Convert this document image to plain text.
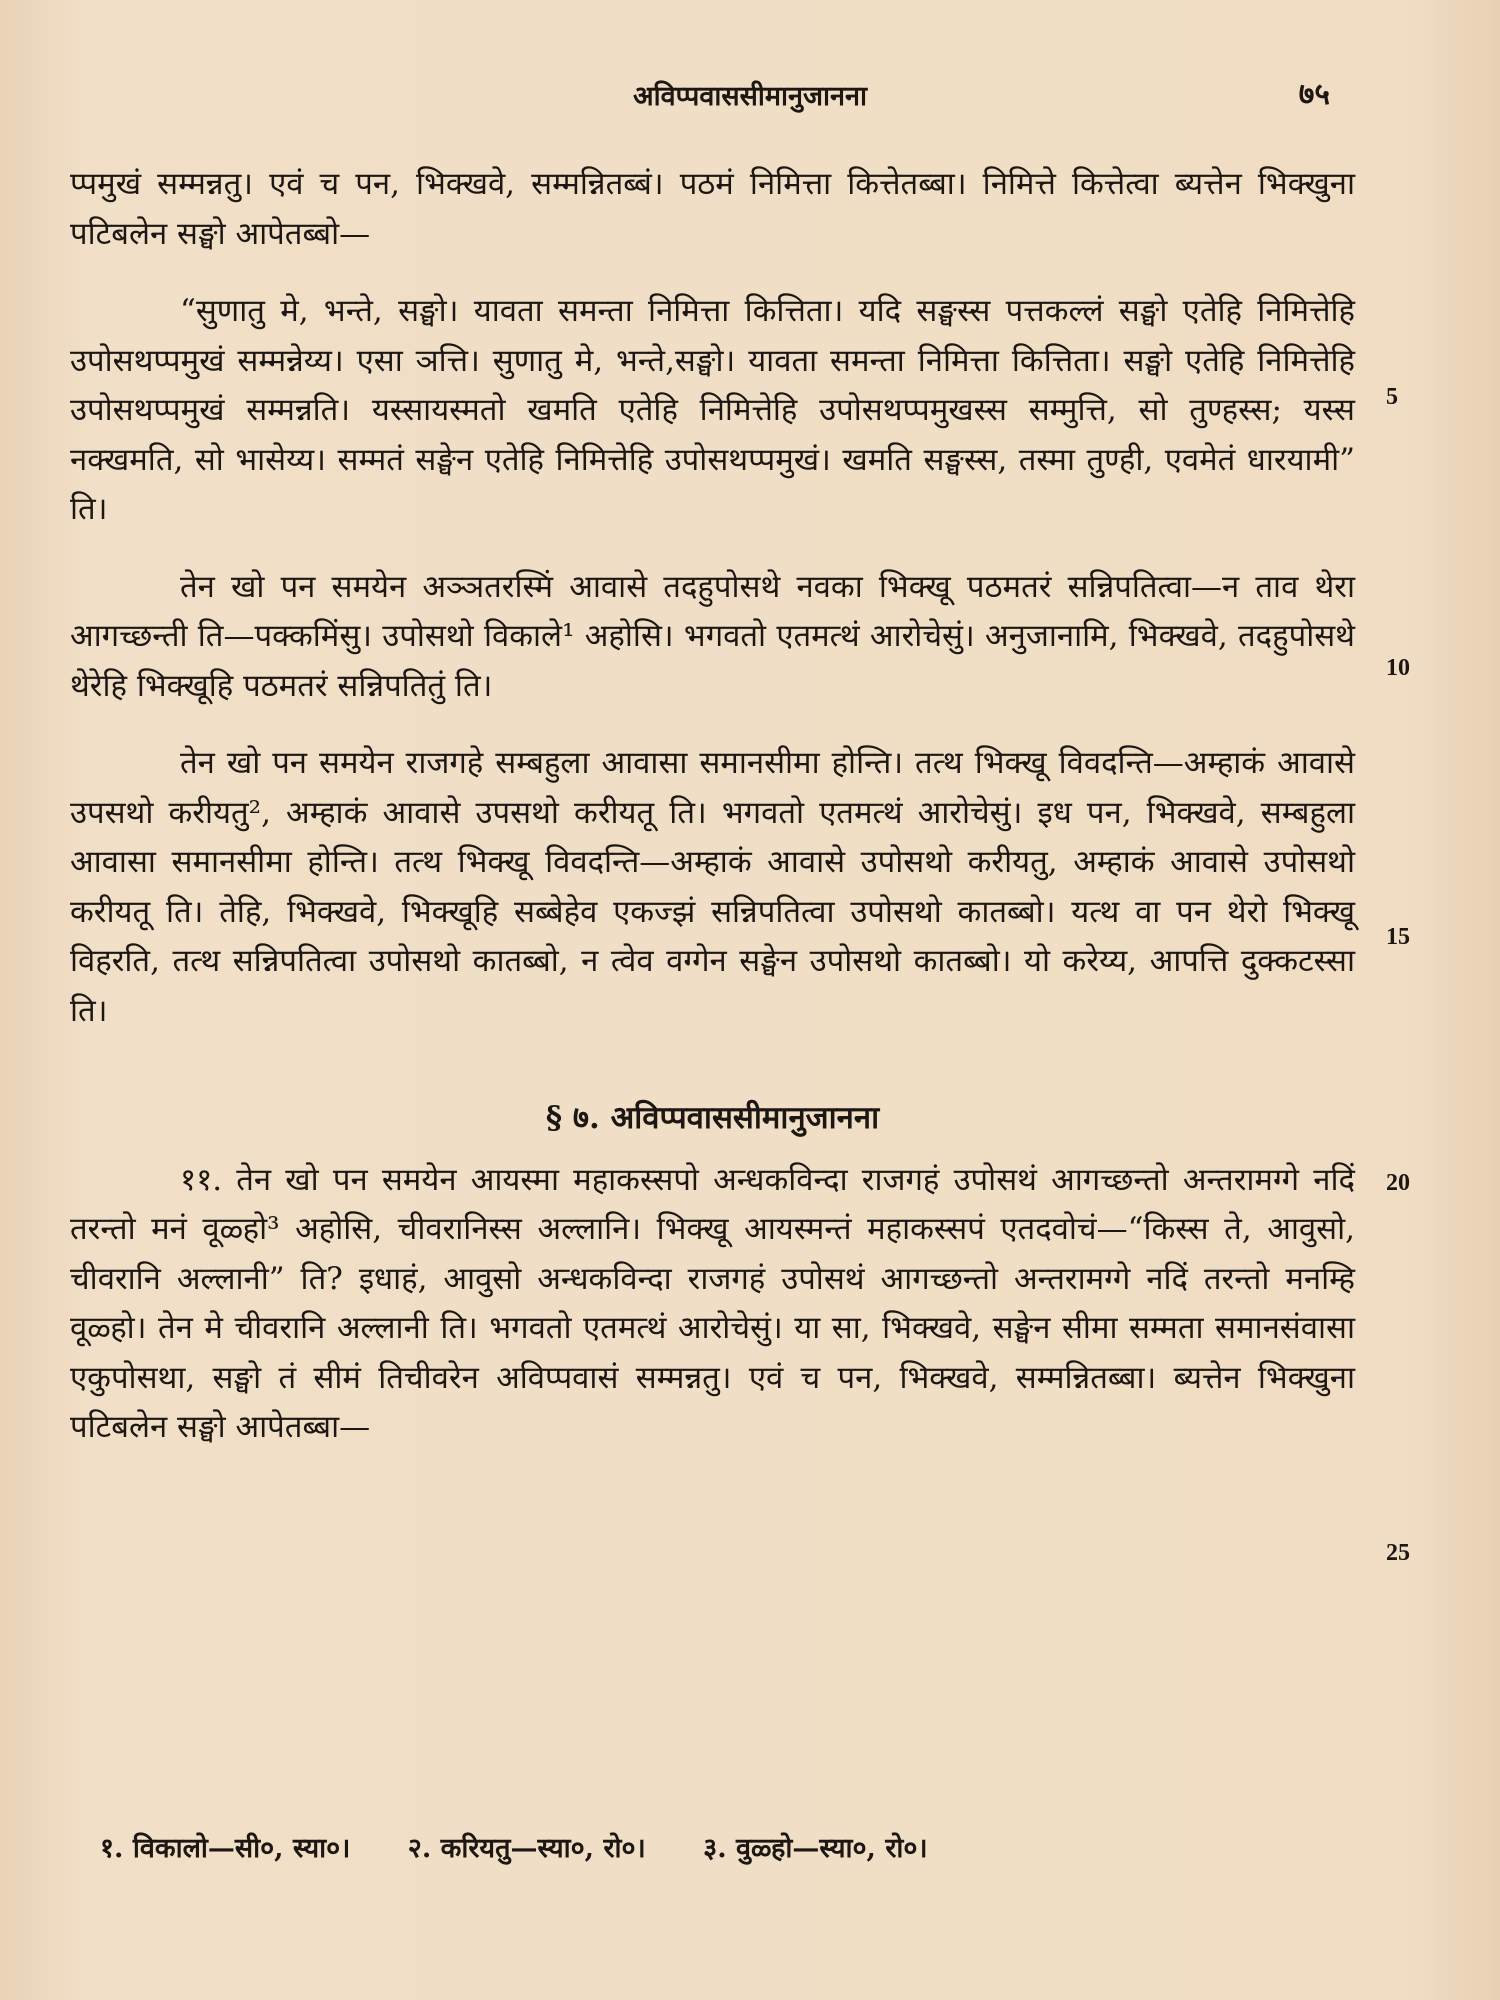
अविप्पवाससीमानुजानना	७५

प्पमुखं सम्मन्नतु। एवं च पन, भिक्खवे, सम्मन्नितब्बं। पठमं निमित्ता कित्तेतब्बा। निमित्ते कित्तेत्वा ब्यत्तेन भिक्खुना पटिबलेन सङ्घो आपेतब्बो—

“सुणातु मे, भन्ते, सङ्घो। यावता समन्ता निमित्ता कित्तिता। यदि सङ्घस्स पत्तकल्लं सङ्घो एतेहि निमित्तेहि उपोसथप्पमुखं सम्मन्नेय्य। एसा ञत्ति। सुणातु मे, भन्ते,सङ्घो। यावता समन्ता निमित्ता कित्तिता। सङ्घो एतेहि निमित्तेहि उपोसथप्पमुखं सम्मन्नति। यस्सायस्मतो खमति एतेहि निमित्तेहि उपोसथप्पमुखस्स सम्मुत्ति, सो तुण्हस्स; यस्स नक्खमति, सो भासेय्य। सम्मतं सङ्घेन एतेहि निमित्तेहि उपोसथप्पमुखं। खमति सङ्घस्स, तस्मा तुण्ही, एवमेतं धारयामी” ति।

तेन खो पन समयेन अञ्ञतरस्मिं आवासे तदहुपोसथे नवका भिक्खू पठमतरं सन्निपतित्वा—न ताव थेरा आगच्छन्ती ति—पक्कमिंसु। उपोसथो विकाले¹ अहोसि। भगवतो एतमत्थं आरोचेसुं। अनुजानामि, भिक्खवे, तदहुपोसथे थेरेहि भिक्खूहि पठमतरं सन्निपतितुं ति।

तेन खो पन समयेन राजगहे सम्बहुला आवासा समानसीमा होन्ति। तत्थ भिक्खू विवदन्ति—अम्हाकं आवासे उपसथो करीयतु², अम्हाकं आवासे उपसथो करीयतू ति। भगवतो एतमत्थं आरोचेसुं। इध पन, भिक्खवे, सम्बहुला आवासा समानसीमा होन्ति। तत्थ भिक्खू विवदन्ति—अम्हाकं आवासे उपोसथो करीयतु, अम्हाकं आवासे उपोसथो करीयतू ति। तेहि, भिक्खवे, भिक्खूहि सब्बेहेव एकज्झं सन्निपतित्वा उपोसथो कातब्बो। यत्थ वा पन थेरो भिक्खू विहरति, तत्थ सन्निपतित्वा उपोसथो कातब्बो, न त्वेव वग्गेन सङ्घेन उपोसथो कातब्बो। यो करेय्य, आपत्ति दुक्कटस्सा ति।

§ ७. अविप्पवाससीमानुजानना

११. तेन खो पन समयेन आयस्मा महाकस्सपो अन्धकविन्दा राजगहं उपोसथं आगच्छन्तो अन्तरामग्गे नदिं तरन्तो मनं वूळ्हो³ अहोसि, चीवरानिस्स अल्लानि। भिक्खू आयस्मन्तं महाकस्सपं एतदवोचं—“किस्स ते, आवुसो, चीवरानि अल्लानी” ति? इधाहं, आवुसो अन्धकविन्दा राजगहं उपोसथं आगच्छन्तो अन्तरामग्गे नदिं तरन्तो मनम्हि वूळ्हो। तेन मे चीवरानि अल्लानी ति। भगवतो एतमत्थं आरोचेसुं। या सा, भिक्खवे, सङ्घेन सीमा सम्मता समानसंवासा एकुपोसथा, सङ्घो तं सीमं तिचीवरेन अविप्पवासं सम्मन्नतु। एवं च पन, भिक्खवे, सम्मन्नितब्बा। ब्यत्तेन भिक्खुना पटिबलेन सङ्घो आपेतब्बा—

5
10
15
20
25
१. विकालो—सी०, स्या०। २. करियतु—स्या०, रो०। ३. वुळ्हो—स्या०, रो०।
